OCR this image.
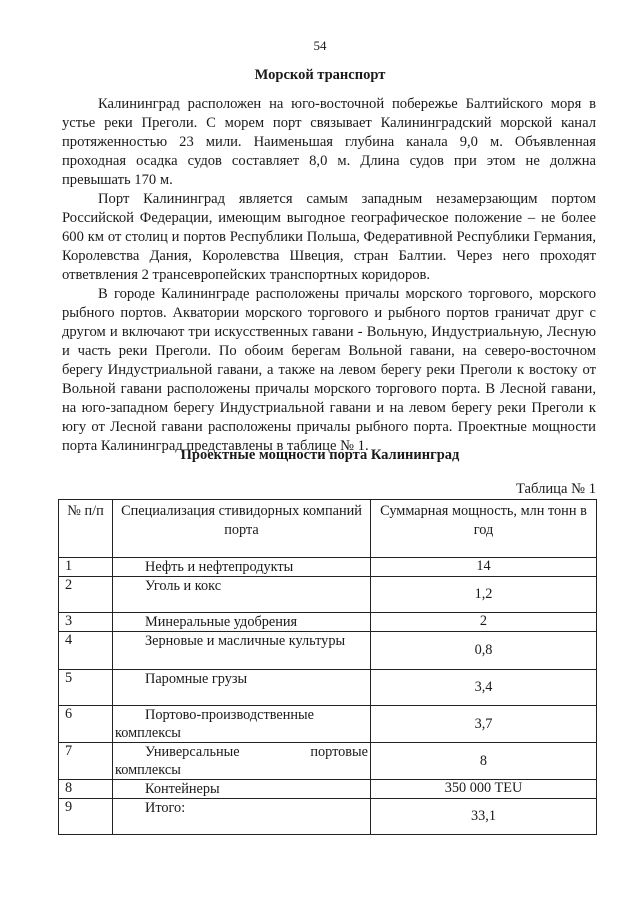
54
Морской транспорт

Калининград расположен на юго-восточной побережье Балтийского моря в устье реки Преголи. С морем порт связывает Калининградский морской канал протяженностью 23 мили. Наименьшая глубина канала 9,0 м. Объявленная проходная осадка судов составляет 8,0 м. Длина судов при этом не должна превышать 170 м.

Порт Калининград является самым западным незамерзающим портом Российской Федерации, имеющим выгодное географическое положение – не более 600 км от столиц и портов Республики Польша, Федеративной Республики Германия, Королевства Дания, Королевства Швеция, стран Балтии. Через него проходят ответвления 2 трансевропейских транспортных коридоров.

В городе Калининграде расположены причалы морского торгового, морского рыбного портов. Акватории морского торгового и рыбного портов граничат друг с другом и включают три искусственных гавани - Вольную, Индустриальную, Лесную и часть реки Преголи. По обоим берегам Вольной гавани, на северо-восточном берегу Индустриальной гавани, а также на левом берегу реки Преголи к востоку от Вольной гавани расположены причалы морского торгового порта. В Лесной гавани, на юго-западном берегу Индустриальной гавани и на левом берегу реки Преголи к югу от Лесной гавани расположены причалы рыбного порта. Проектные мощности порта Калининград представлены в таблице № 1.

Проектные мощности порта Калининград
Таблица № 1
№ п/п	Специализация стивидорных компаний порта	Суммарная мощность, млн тонн в год
1	Нефть и нефтепродукты	14
2	Уголь и кокс	1,2
3	Минеральные удобрения	2
4	Зерновые и масличные культуры	0,8
5	Паромные грузы	3,4
6	Портово-производственные комплексы	3,7
7	Универсальные портовые комплексы	8
8	Контейнеры	350 000 TEU
9	Итого:	33,1
